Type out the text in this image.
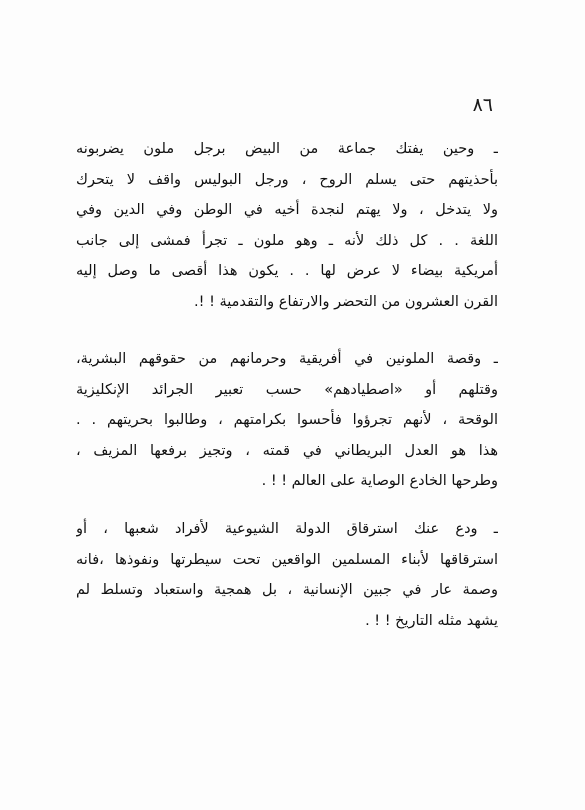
٨٦
ـ وحين يفتك جماعة من البيض برجل ملون يضربونه
بأحذيتهم حتى يسلم الروح ، ورجل البوليس واقف لا يتحرك
ولا يتدخل ، ولا يهتم لنجدة أخيه في الوطن وفي الدين وفي
اللغة . . كل ذلك لأنه ـ وهو ملون ـ تجرأ فمشى إلى جانب
أمريكية بيضاء لا عرض لها . . يكون هذا أقصى ما وصل إليه
القرن العشرون من التحضر والارتفاع والتقدمية ! !.
ـ وقصة الملونين في أفريقية وحرمانهم من حقوقهم البشرية،
وقتلهم أو «اصطيادهم» حسب تعبير الجرائد الإنكليزية
الوقحة ، لأنهم تجرؤوا فأحسوا بكرامتهم ، وطالبوا بحريتهم . .
هذا هو العدل البريطاني في قمته ، وتجيز برفعها المزيف ،
وطرحها الخادع الوصاية على العالم ! ! .
ـ ودع عنك استرقاق الدولة الشيوعية لأفراد شعبها ، أو
استرقاقها لأبناء المسلمين الواقعين تحت سيطرتها ونفوذها ،فانه
وصمة عار في جبين الإنسانية ، بل همجية واستعباد وتسلط لم
يشهد مثله التاريخ ! ! .
